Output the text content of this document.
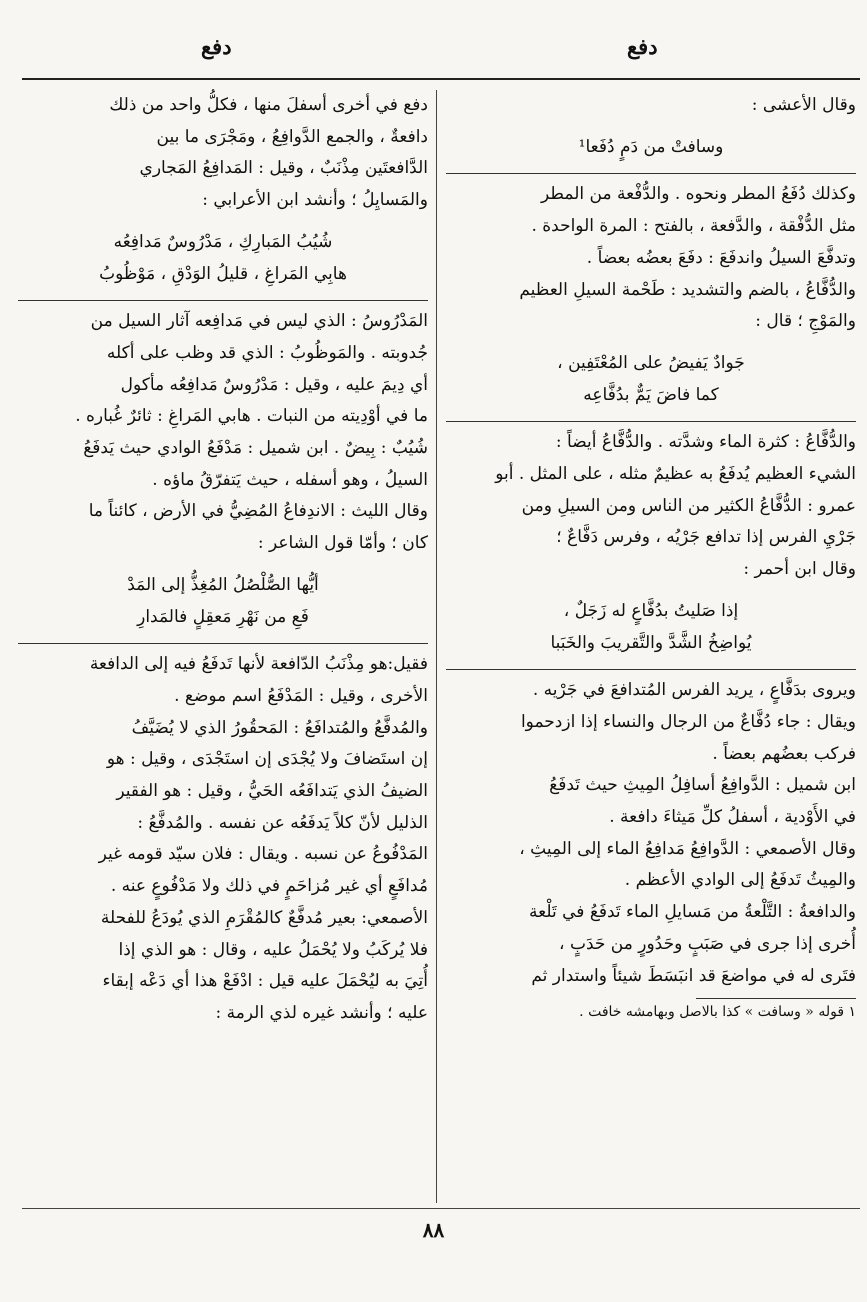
دفع
دفع

وقال الأعشى :

وسافتْ من دَمٍ دُفَعا¹

وكذلك دُفَعُ المطر ونحوه . والدُّفْعة من المطر
مثل الدُّفْقة ، والدَّفعة ، بالفتح : المرة الواحدة .
وتدفَّعَ السيلُ واندفَعَ : دفَعَ بعضُه بعضاً .
والدُّفَّاعُ ، بالضم والتشديد : طَحْمة السيلِ العظيم
والمَوْجِ ؛ قال :

جَوادٌ يَفيضُ على المُعْتَفِين ،
كما فاضَ يَمٌّ بدُفَّاعِه

والدُّفَّاعُ : كثرة الماء وشدَّته . والدُّفَّاعُ أيضاً :
الشيء العظيم يُدفَعُ به عظيمٌ مثله ، على المثل . أبو
عمرو : الدُّفَّاعُ الكثير من الناس ومن السيلِ ومن
جَرْيِ الفرس إذا تدافع جَرْيُه ، وفرس دَفَّاعٌ ؛
وقال ابن أحمر :

إذا صَليتُ بدُفَّاعٍ له زَجَلٌ ،
يُواضِخُ الشَّدَّ والتَّقريبَ والخَبَبا

ويروى بدَفَّاعٍ ، يريد الفرس المُتدافعَ في جَرْيه .
ويقال : جاء دُفَّاعٌ من الرجال والنساء إذا ازدحموا
فركب بعضُهم بعضاً .

ابن شميل : الدَّوافِعُ أسافِلُ المِيثِ حيث تَدفَعُ
في الأَوْدية ، أسفلُ كلِّ مَيثاءَ دافعة .

وقال الأصمعي : الدَّوافِعُ مَدافِعُ الماء إلى المِيثِ ،
والمِيثُ تَدفَعُ إلى الوادي الأعظم .

والدافعةُ : التَّلْعةُ من مَسايلِ الماء تَدفَعُ في تَلْعة
أُخرى إذا جرى في صَبَبٍ وحَدُورٍ من حَدَبٍ ،
فتَرى له في مواضعَ قد انبَسَطَ شيئاً واستدار ثم

١ قوله « وسافت » كذا بالاصل وبهامشه خافت .

دفع في أخرى أسفلَ منها ، فكلُّ واحد من ذلك
دافعةٌ ، والجمع الدَّوافِعُ ، ومَجْرَى ما بين
الدَّافعتَين مِذْنَبٌ ، وقيل : المَدافِعُ المَجاري
والمَسايِلُ ؛ وأنشد ابن الأعرابي :

شُيُبُ المَبارِكِ ، مَدْرُوسٌ مَدافِعُه
هابِي المَراغِ ، قليلُ الوَدْقِ ، مَوْظُوبُ

المَدْرُوسُ : الذي ليس في مَدافِعه آثار السيل من
جُدوبته . والمَوظُوبُ : الذي قد وظب على أكله
أي دِيمَ عليه ، وقيل : مَدْرُوسٌ مَدافِعُه مأكول
ما في أوْدِيته من النبات . هابي المَراغِ : ثائرٌ غُباره .
شُيُبٌ : بِيضٌ . ابن شميل : مَدْفَعُ الوادي حيث يَدفَعُ
السيلُ ، وهو أسفله ، حيث يَتفرّقُ ماؤه .

وقال الليث : الاندِفاعُ المُضِيُّ في الأرض ، كائناً ما
كان ؛ وأمّا قول الشاعر :

أيُّها الصُّلْصُلُ المُغِذُّ إلى المَدْ
فَعِ من نَهْرِ مَعقِلٍ فالمَدارِ

فقيل:هو مِذْنَبُ الدّافعة لأنها تَدفَعُ فيه إلى الدافعة
الأخرى ، وقيل : المَدْفَعُ اسم موضع .

والمُدفَّعُ والمُتدافَعُ : المَحقُورُ الذي لا يُضَيَّفُ
إن استَضافَ ولا يُجْدَى إن استَجْدَى ، وقيل : هو
الضيفُ الذي يَتدافَعُه الحَيُّ ، وقيل : هو الفقير
الذليل لأنّ كلاً يَدفَعُه عن نفسه . والمُدفَّعُ :
المَدْفُوعُ عن نسبه . ويقال : فلان سيّد قومه غير
مُدافَعٍ أي غير مُزاحَمٍ في ذلك ولا مَدْفُوعٍ عنه .

الأصمعي: بعير مُدفَّعٌ كالمُقْرَمِ الذي يُودَعُ للفحلة
فلا يُركَبُ ولا يُحْمَلُ عليه ، وقال : هو الذي إذا
أُتِيَ به ليُحْمَلَ عليه قيل : ادْفَعْ هذا أي دَعْه إبقاء
عليه ؛ وأنشد غيره لذي الرمة :

٨٨
